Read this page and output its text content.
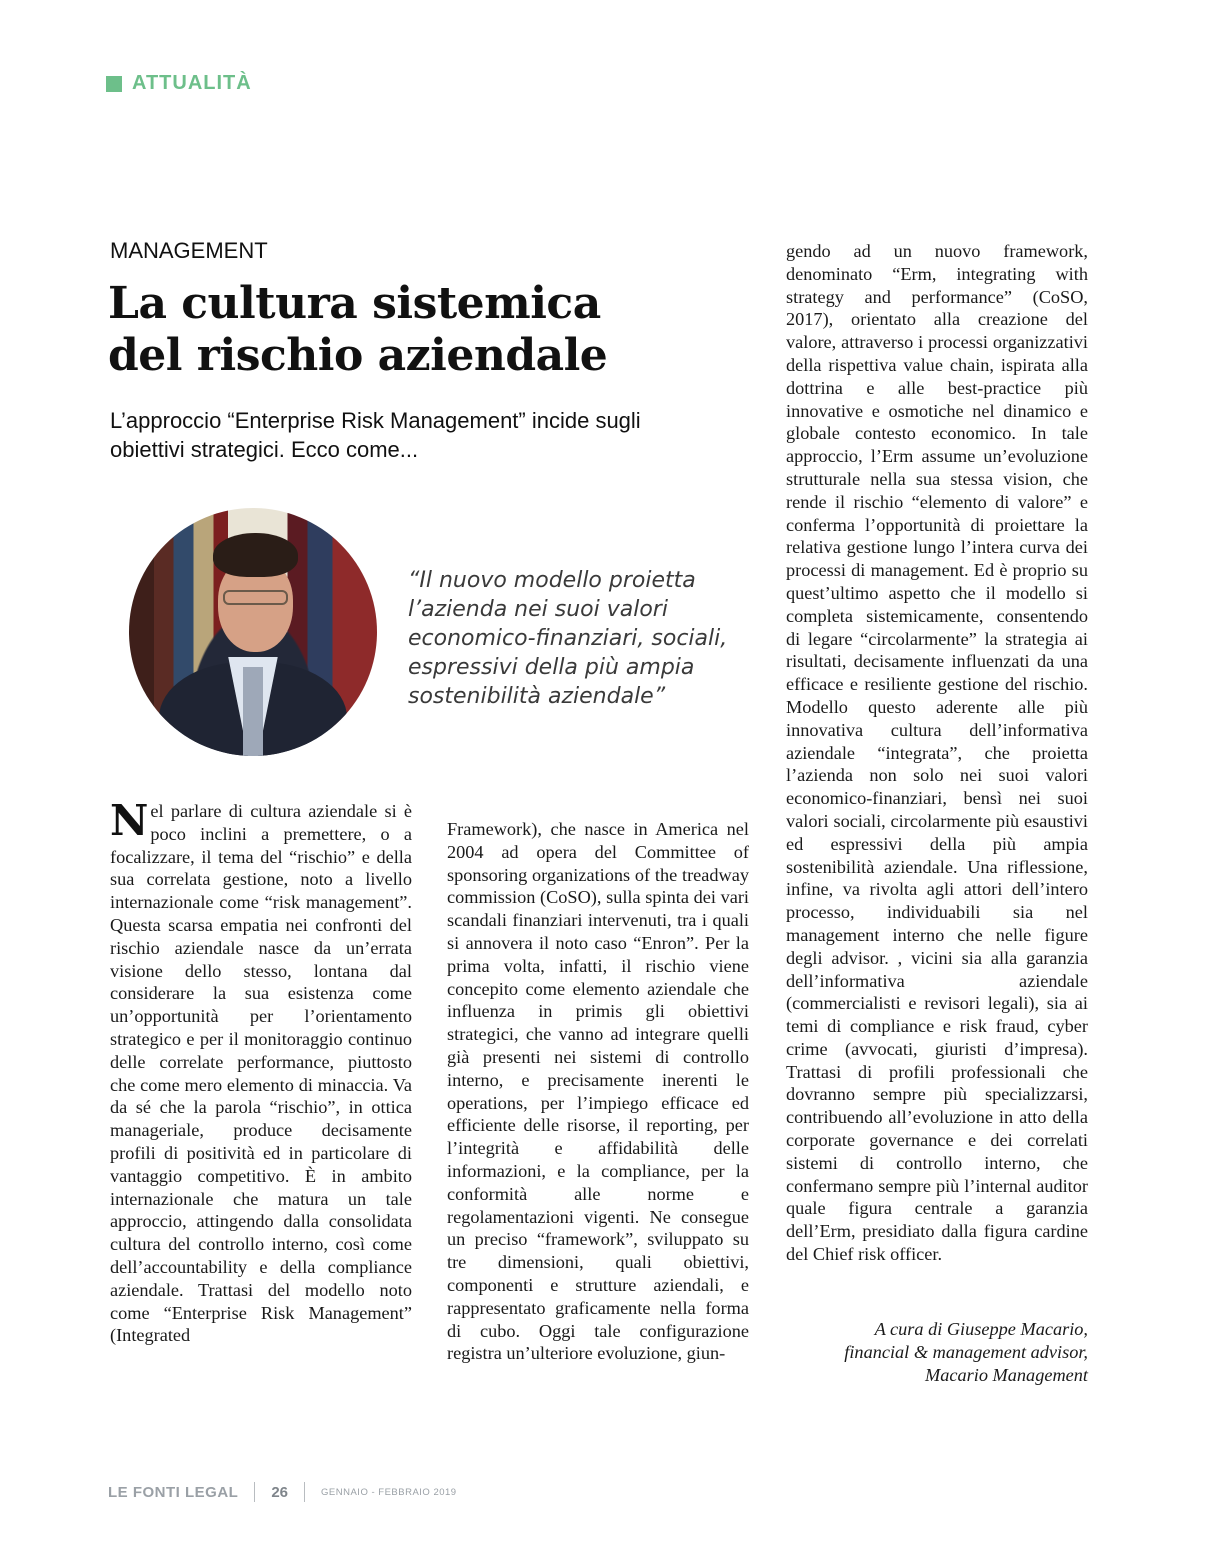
ATTUALITÀ
MANAGEMENT
La cultura sistemica del rischio aziendale
L’approccio “Enterprise Risk Management” incide sugli obiettivi strategici. Ecco come...
“Il nuovo modello proietta l’azienda nei suoi valori economico-finanziari, sociali, espressivi della più ampia sostenibilità aziendale”
Nel parlare di cultura aziendale si è poco inclini a premettere, o a focalizzare, il tema del “rischio” e della sua correlata gestione, noto a livello internazionale come “risk management”. Questa scarsa empatia nei confronti del rischio aziendale nasce da un’errata visione dello stesso, lontana dal considerare la sua esistenza come un’opportunità per l’orientamento strategico e per il monitoraggio continuo delle correlate performance, piuttosto che come mero elemento di minaccia. Va da sé che la parola “rischio”, in ottica manageriale, produce decisamente profili di positività ed in particolare di vantaggio competitivo. È in ambito internazionale che matura un tale approccio, attingendo dalla consolidata cultura del controllo interno, così come dell’accountability e della compliance aziendale. Trattasi del modello noto come “Enterprise Risk Management” (Integrated
Framework), che nasce in America nel 2004 ad opera del Committee of sponsoring organizations of the treadway commission (CoSO), sulla spinta dei vari scandali finanziari intervenuti, tra i quali si annovera il noto caso “Enron”. Per la prima volta, infatti, il rischio viene concepito come elemento aziendale che influenza in primis gli obiettivi strategici, che vanno ad integrare quelli già presenti nei sistemi di controllo interno, e precisamente inerenti le operations, per l’impiego efficace ed efficiente delle risorse, il reporting, per l’integrità e affidabilità delle informazioni, e la compliance, per la conformità alle norme e regolamentazioni vigenti. Ne consegue un preciso “framework”, sviluppato su tre dimensioni, quali obiettivi, componenti e strutture aziendali, e rappresentato graficamente nella forma di cubo. Oggi tale configurazione registra un’ulteriore evoluzione, giun-
gendo ad un nuovo framework, denominato “Erm, integrating with strategy and performance” (CoSO, 2017), orientato alla creazione del valore, attraverso i processi organizzativi della rispettiva value chain, ispirata alla dottrina e alle best-practice più innovative e osmotiche nel dinamico e globale contesto economico. In tale approccio, l’Erm assume un’evoluzione strutturale nella sua stessa vision, che rende il rischio “elemento di valore” e conferma l’opportunità di proiettare la relativa gestione lungo l’intera curva dei processi di management. Ed è proprio su quest’ultimo aspetto che il modello si completa sistemicamente, consentendo di legare “circolarmente” la strategia ai risultati, decisamente influenzati da una efficace e resiliente gestione del rischio. Modello questo aderente alle più innovativa cultura dell’informativa aziendale “integrata”, che proietta l’azienda non solo nei suoi valori economico-finanziari, bensì nei suoi valori sociali, circolarmente più esaustivi ed espressivi della più ampia sostenibilità aziendale. Una riflessione, infine, va rivolta agli attori dell’intero processo, individuabili sia nel management interno che nelle figure degli advisor. , vicini sia alla garanzia dell’informativa aziendale (commercialisti e revisori legali), sia ai temi di compliance e risk fraud, cyber crime (avvocati, giuristi d’impresa). Trattasi di profili professionali che dovranno sempre più specializzarsi, contribuendo all’evoluzione in atto della corporate governance e dei correlati sistemi di controllo interno, che confermano sempre più l’internal auditor quale figura centrale a garanzia dell’Erm, presidiato dalla figura cardine del Chief risk officer.
A cura di Giuseppe Macario,
financial & management advisor,
Macario Management
LE FONTI LEGAL 26	GENNAIO - FEBBRAIO 2019
